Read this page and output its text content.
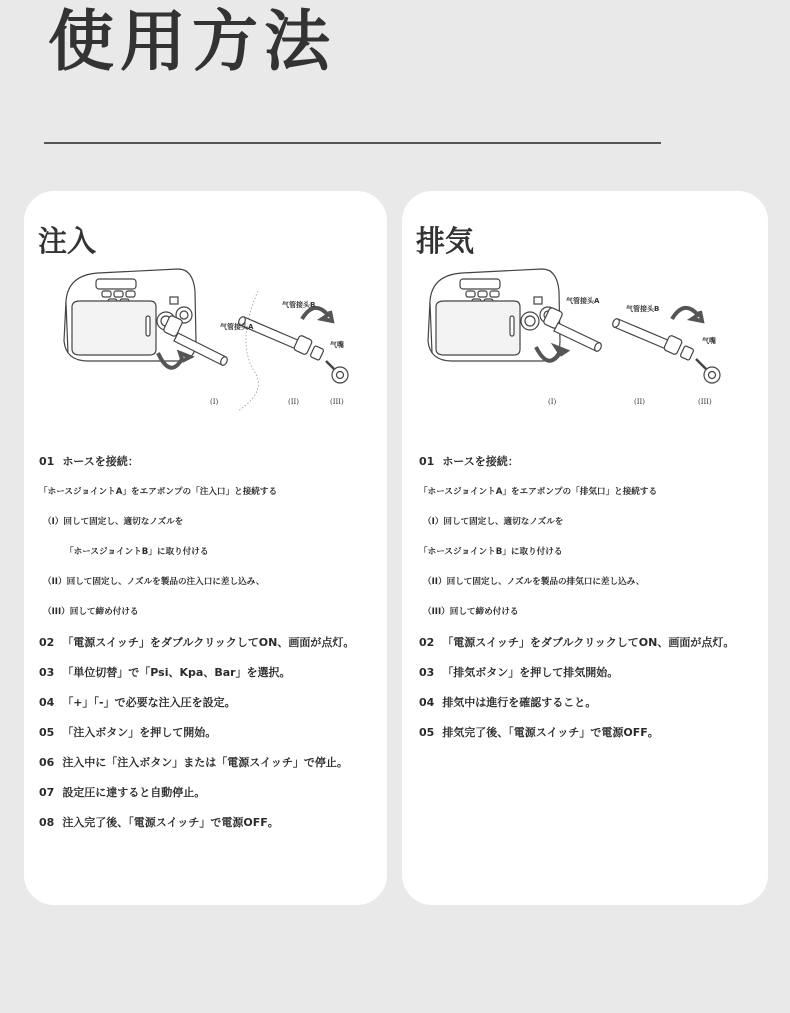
使用方法
注入
气管接头A
气管接头B
气嘴
(I)	(II)	(III)
01 ホースを接続：
「ホースジョイントA」をエアポンプの「注入口」と接続する
（I）回して固定し、適切なノズルを
「ホースジョイントB」に取り付ける
（II）回して固定し、ノズルを製品の注入口に差し込み、
（III）回して締め付ける
02 「電源スイッチ」をダブルクリックしてON、画面が点灯。
03 「単位切替」で「Psi、Kpa、Bar」を選択。
04 「+」「-」で必要な注入圧を設定。
05 「注入ボタン」を押して開始。
06 注入中に「注入ボタン」または「電源スイッチ」で停止。
07 設定圧に達すると自動停止。
08 注入完了後、「電源スイッチ」で電源OFF。
排気
气管接头A
气管接头B
气嘴
(I)	(II)	(III)
01 ホースを接続：
「ホースジョイントA」をエアポンプの「排気口」と接続する
（I）回して固定し、適切なノズルを
「ホースジョイントB」に取り付ける
（II）回して固定し、ノズルを製品の排気口に差し込み、
（III）回して締め付ける
02 「電源スイッチ」をダブルクリックしてON、画面が点灯。
03 「排気ボタン」を押して排気開始。
04 排気中は進行を確認すること。
05 排気完了後、「電源スイッチ」で電源OFF。
